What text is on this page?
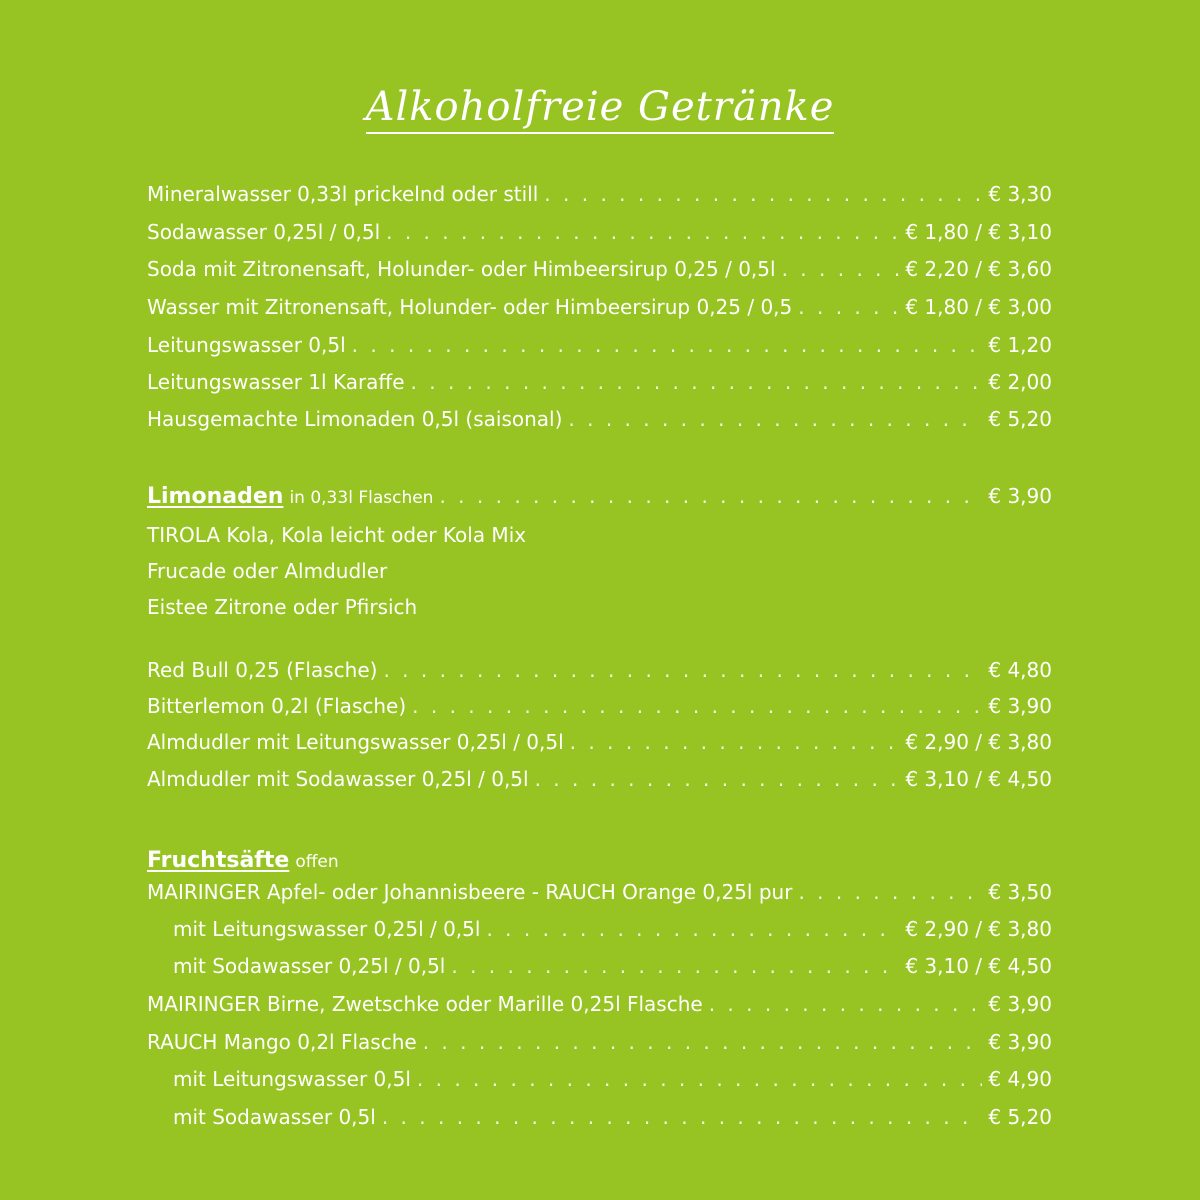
Alkoholfreie Getränke
Mineralwasser 0,33l prickelnd oder still . . .	€ 3,30
Sodawasser 0,25l / 0,5l . . .	€ 1,80 / € 3,10
Soda mit Zitronensaft, Holunder- oder Himbeersirup 0,25 / 0,5l . . .	€ 2,20 / € 3,60
Wasser mit Zitronensaft, Holunder- oder Himbeersirup 0,25 / 0,5 . . .	€ 1,80 / € 3,00
Leitungswasser 0,5l . . .	€ 1,20
Leitungswasser 1l Karaffe . . .	€ 2,00
Hausgemachte Limonaden 0,5l (saisonal) . . .	€ 5,20
Limonaden in 0,33l Flaschen . . .	€ 3,90
TIROLA Kola, Kola leicht oder Kola Mix
Frucade oder Almdudler
Eistee Zitrone oder Pfirsich
Red Bull 0,25 (Flasche) . . .	€ 4,80
Bitterlemon 0,2l (Flasche) . . .	€ 3,90
Almdudler mit Leitungswasser 0,25l / 0,5l . . .	€ 2,90 / € 3,80
Almdudler mit Sodawasser 0,25l / 0,5l . . .	€ 3,10 / € 4,50
Fruchtsäfte offen
MAIRINGER Apfel- oder Johannisbeere - RAUCH Orange 0,25l pur . . .	€ 3,50
mit Leitungswasser 0,25l / 0,5l . . .	€ 2,90 / € 3,80
mit Sodawasser 0,25l / 0,5l . . .	€ 3,10 / € 4,50
MAIRINGER Birne, Zwetschke oder Marille 0,25l Flasche . . .	€ 3,90
RAUCH Mango 0,2l Flasche . . .	€ 3,90
mit Leitungswasser 0,5l . . .	€ 4,90
mit Sodawasser 0,5l . . .	€ 5,20
